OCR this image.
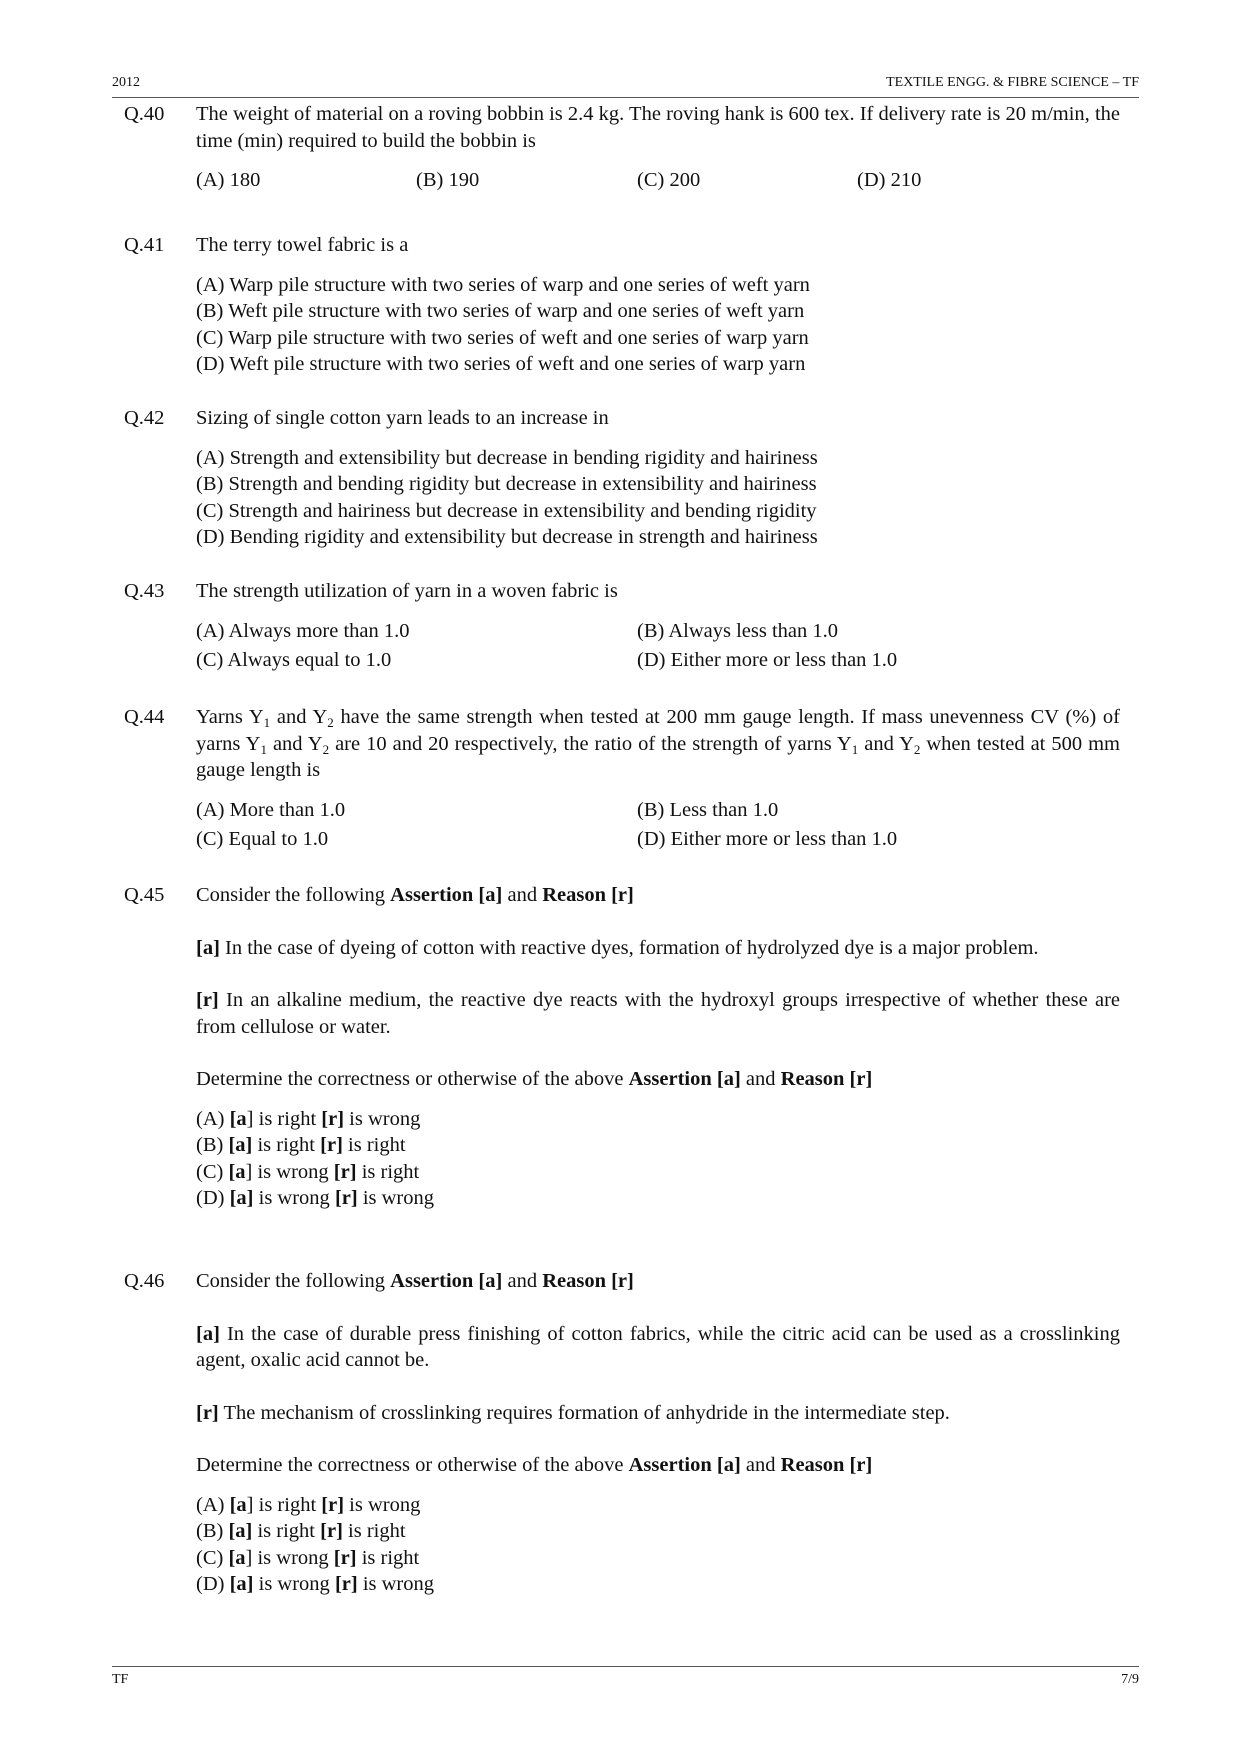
2012	TEXTILE ENGG. & FIBRE SCIENCE – TF
Q.40	The weight of material on a roving bobbin is 2.4 kg. The roving hank is 600 tex. If delivery rate is 20 m/min, the time (min) required to build the bobbin is
(A) 180	(B) 190	(C) 200	(D) 210
Q.41	The terry towel fabric is a
(A) Warp pile structure with two series of warp and one series of weft yarn
(B) Weft pile structure with two series of warp and one series of weft yarn
(C) Warp pile structure with two series of weft and one series of warp yarn
(D) Weft pile structure with two series of weft and one series of warp yarn
Q.42	Sizing of single cotton yarn leads to an increase in
(A) Strength and extensibility but decrease in bending rigidity and hairiness
(B) Strength and bending rigidity but decrease in extensibility and hairiness
(C) Strength and hairiness but decrease in extensibility and bending rigidity
(D) Bending rigidity and extensibility but decrease in strength and hairiness
Q.43	The strength utilization of yarn in a woven fabric is
(A) Always more than 1.0	(B) Always less than 1.0
(C) Always equal to 1.0	(D) Either more or less than 1.0
Q.44	Yarns $Y_1$ and $Y_2$ have the same strength when tested at 200 mm gauge length. If mass unevenness CV (%) of yarns $Y_1$ and $Y_2$ are 10 and 20 respectively, the ratio of the strength of yarns $Y_1$ and $Y_2$ when tested at 500 mm gauge length is
(A) More than 1.0	(B) Less than 1.0
(C) Equal to 1.0	(D) Either more or less than 1.0
Q.45	Consider the following Assertion [a] and Reason [r]
[a] In the case of dyeing of cotton with reactive dyes, formation of hydrolyzed dye is a major problem.
[r] In an alkaline medium, the reactive dye reacts with the hydroxyl groups irrespective of whether these are from cellulose or water.
Determine the correctness or otherwise of the above Assertion [a] and Reason [r]
(A) [a] is right [r] is wrong
(B) [a] is right [r] is right
(C) [a] is wrong [r] is right
(D) [a] is wrong [r] is wrong
Q.46	Consider the following Assertion [a] and Reason [r]
[a] In the case of durable press finishing of cotton fabrics, while the citric acid can be used as a crosslinking agent, oxalic acid cannot be.
[r] The mechanism of crosslinking requires formation of anhydride in the intermediate step.
Determine the correctness or otherwise of the above Assertion [a] and Reason [r]
(A) [a] is right [r] is wrong
(B) [a] is right [r] is right
(C) [a] is wrong [r] is right
(D) [a] is wrong [r] is wrong
TF	7/9
